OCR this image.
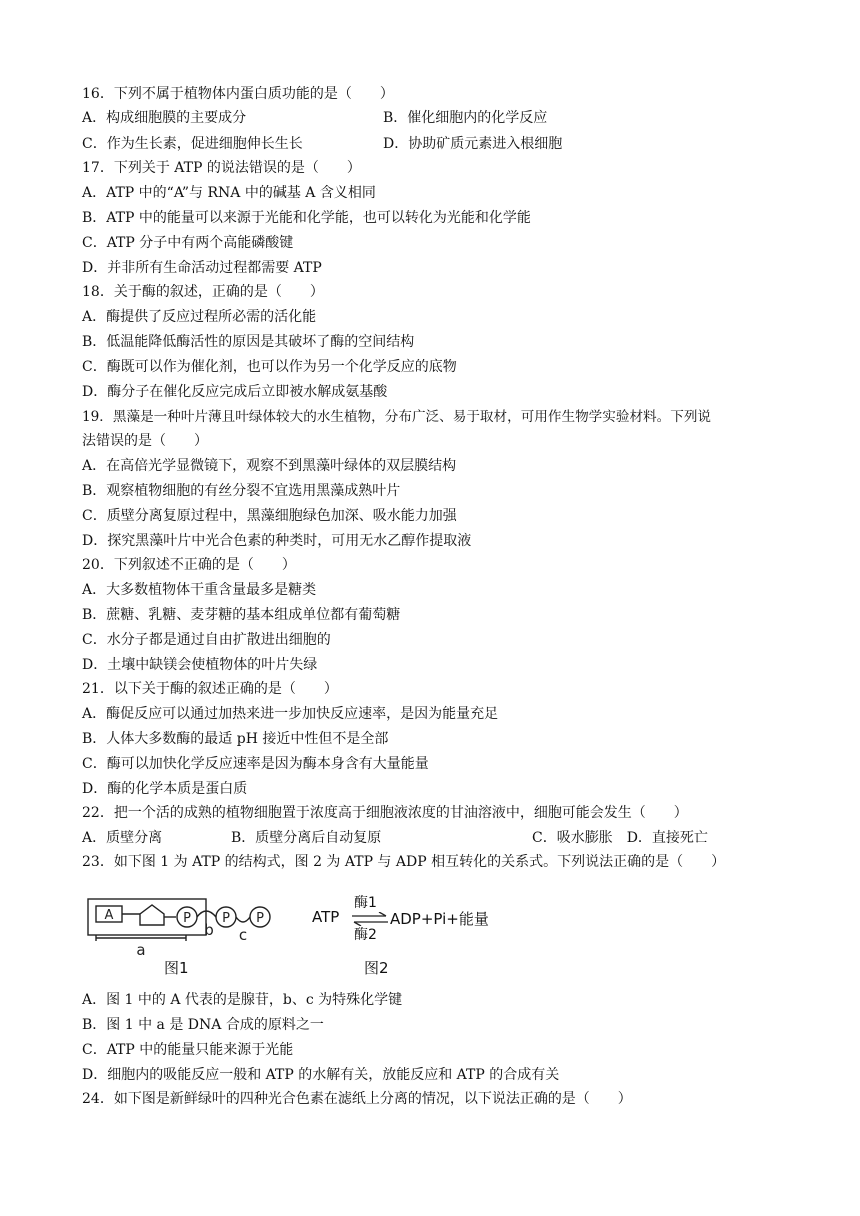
16．下列不属于植物体内蛋白质功能的是（　　）
A．构成细胞膜的主要成分	B．催化细胞内的化学反应
C．作为生长素，促进细胞伸长生长	D．协助矿质元素进入根细胞
17．下列关于 ATP 的说法错误的是（　　）
A．ATP 中的“A”与 RNA 中的碱基 A 含义相同
B．ATP 中的能量可以来源于光能和化学能，也可以转化为光能和化学能
C．ATP 分子中有两个高能磷酸键
D．并非所有生命活动过程都需要 ATP
18．关于酶的叙述，正确的是（　　）
A．酶提供了反应过程所必需的活化能
B．低温能降低酶活性的原因是其破坏了酶的空间结构
C．酶既可以作为催化剂，也可以作为另一个化学反应的底物
D．酶分子在催化反应完成后立即被水解成氨基酸
19．黑藻是一种叶片薄且叶绿体较大的水生植物，分布广泛、易于取材，可用作生物学实验材料。下列说
法错误的是（　　）
A．在高倍光学显微镜下，观察不到黑藻叶绿体的双层膜结构
B．观察植物细胞的有丝分裂不宜选用黑藻成熟叶片
C．质壁分离复原过程中，黑藻细胞绿色加深、吸水能力加强
D．探究黑藻叶片中光合色素的种类时，可用无水乙醇作提取液
20．下列叙述不正确的是（　　）
A．大多数植物体干重含量最多是糖类
B．蔗糖、乳糖、麦芽糖的基本组成单位都有葡萄糖
C．水分子都是通过自由扩散进出细胞的
D．土壤中缺镁会使植物体的叶片失绿
21．以下关于酶的叙述正确的是（　　）
A．酶促反应可以通过加热来进一步加快反应速率，是因为能量充足
B．人体大多数酶的最适 pH 接近中性但不是全部
C．酶可以加快化学反应速率是因为酶本身含有大量能量
D．酶的化学本质是蛋白质
22．把一个活的成熟的植物细胞置于浓度高于细胞液浓度的甘油溶液中，细胞可能会发生（　　）
A．质壁分离	B．质壁分离后自动复原	C．吸水膨胀　D．直接死亡
23．如下图 1 为 ATP 的结构式，图 2 为 ATP 与 ADP 相互转化的关系式。下列说法正确的是（　　）
A	P P P
a
b c
图1
ATP
酶1
酶2
ADP+Pi+能量
图2
A．图 1 中的 A 代表的是腺苷，b、c 为特殊化学键
B．图 1 中 a 是 DNA 合成的原料之一
C．ATP 中的能量只能来源于光能
D．细胞内的吸能反应一般和 ATP 的水解有关，放能反应和 ATP 的合成有关
24．如下图是新鲜绿叶的四种光合色素在滤纸上分离的情况，以下说法正确的是（　　）
